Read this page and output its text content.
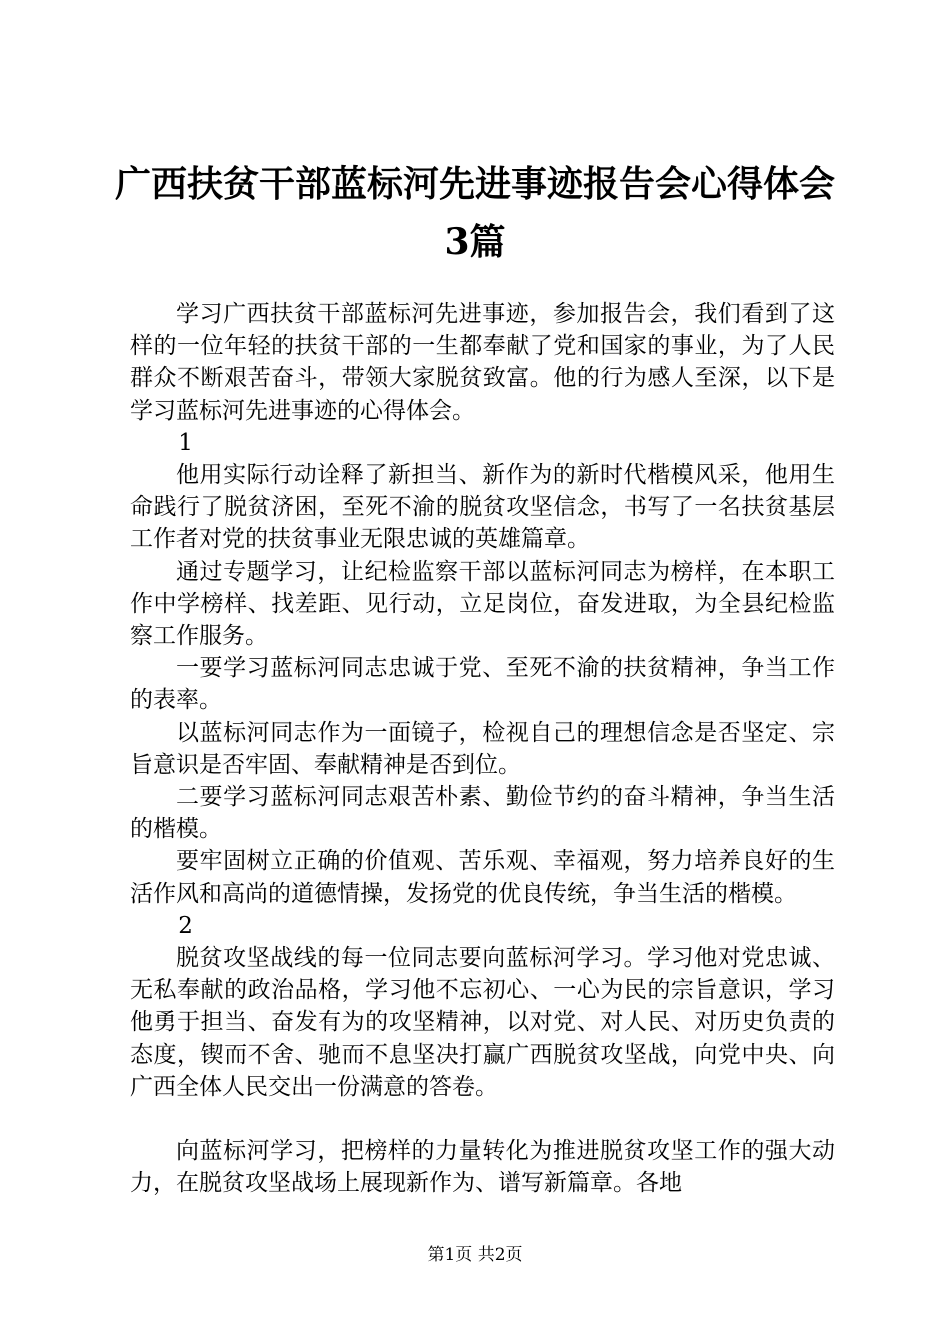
广西扶贫干部蓝标河先进事迹报告会心得体会
3篇

学习广西扶贫干部蓝标河先进事迹，参加报告会，我们看到了这样的一位年轻的扶贫干部的一生都奉献了党和国家的事业，为了人民群众不断艰苦奋斗，带领大家脱贫致富。他的行为感人至深，以下是学习蓝标河先进事迹的心得体会。

1

他用实际行动诠释了新担当、新作为的新时代楷模风采，他用生命践行了脱贫济困，至死不渝的脱贫攻坚信念，书写了一名扶贫基层工作者对党的扶贫事业无限忠诚的英雄篇章。

通过专题学习，让纪检监察干部以蓝标河同志为榜样，在本职工作中学榜样、找差距、见行动，立足岗位，奋发进取，为全县纪检监察工作服务。

一要学习蓝标河同志忠诚于党、至死不渝的扶贫精神，争当工作的表率。

以蓝标河同志作为一面镜子，检视自己的理想信念是否坚定、宗旨意识是否牢固、奉献精神是否到位。

二要学习蓝标河同志艰苦朴素、勤俭节约的奋斗精神，争当生活的楷模。

要牢固树立正确的价值观、苦乐观、幸福观，努力培养良好的生活作风和高尚的道德情操，发扬党的优良传统，争当生活的楷模。

2

脱贫攻坚战线的每一位同志要向蓝标河学习。学习他对党忠诚、无私奉献的政治品格，学习他不忘初心、一心为民的宗旨意识，学习他勇于担当、奋发有为的攻坚精神，以对党、对人民、对历史负责的态度，锲而不舍、驰而不息坚决打赢广西脱贫攻坚战，向党中央、向广西全体人民交出一份满意的答卷。

向蓝标河学习，把榜样的力量转化为推进脱贫攻坚工作的强大动力，在脱贫攻坚战场上展现新作为、谱写新篇章。各地

第1页 共2页
